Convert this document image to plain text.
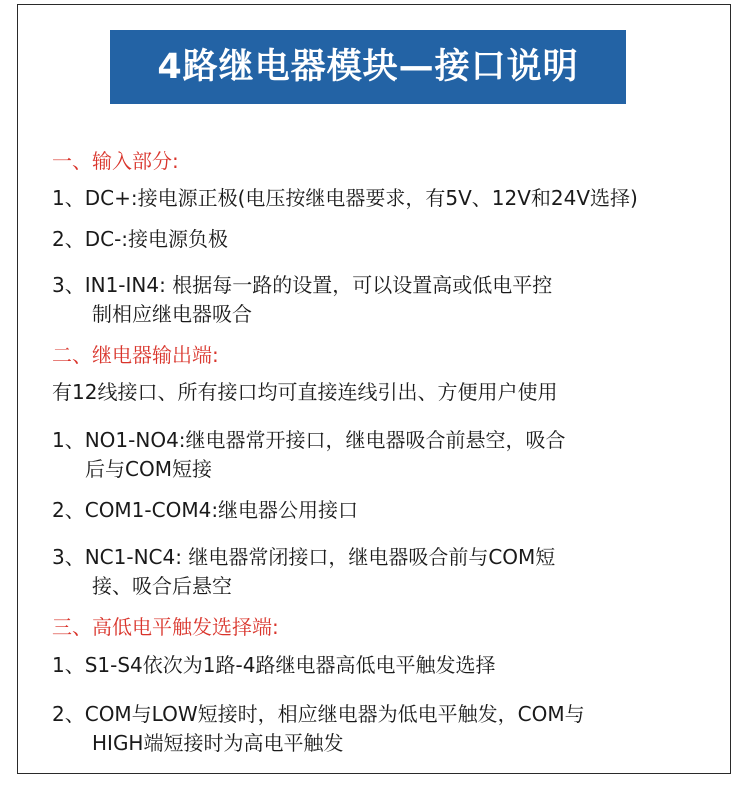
4路继电器模块—接口说明
一、输入部分:
1、DC+:接电源正极(电压按继电器要求，有5V、12V和24V选择)
2、DC-:接电源负极
3、IN1-IN4: 根据每一路的设置，可以设置高或低电平控
制相应继电器吸合
二、继电器输出端:
有12线接口、所有接口均可直接连线引出、方便用户使用
1、NO1-NO4:继电器常开接口，继电器吸合前悬空，吸合
后与COM短接
2、COM1-COM4:继电器公用接口
3、NC1-NC4: 继电器常闭接口，继电器吸合前与COM短
接、吸合后悬空
三、高低电平触发选择端:
1、S1-S4依次为1路-4路继电器高低电平触发选择
2、COM与LOW短接时，相应继电器为低电平触发，COM与
HIGH端短接时为高电平触发
